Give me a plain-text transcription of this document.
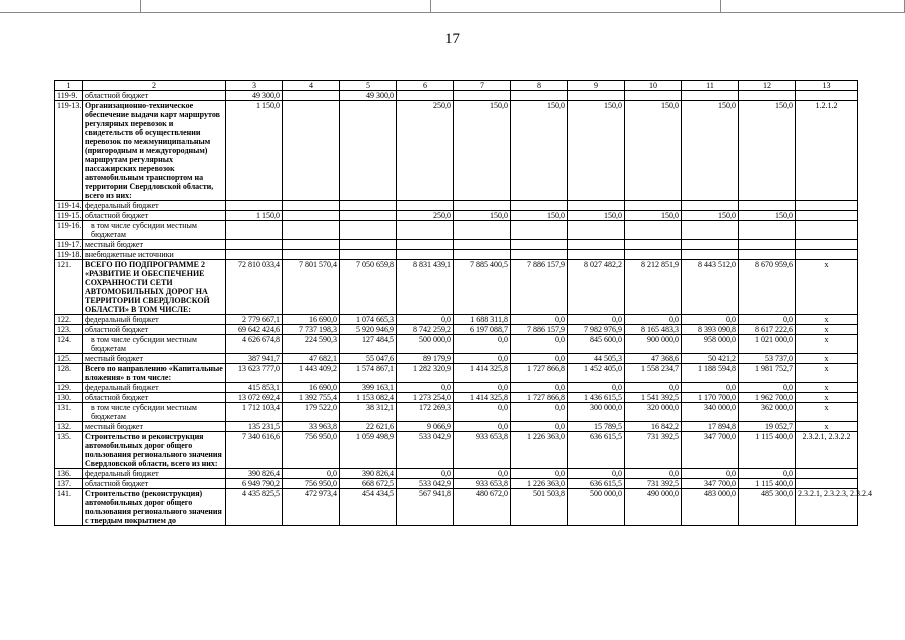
17
1	2	3	4	5	6	7	8	9	10	11	12	13
119-9.	областной бюджет	49 300,0		49 300,0								
119-13.	Организационно-техническое обеспечение выдачи карт маршрутов регулярных перевозок и свидетельств об осуществлении перевозок по межмуниципальным (пригородным и междугородным) маршрутам регулярных пассажирских перевозок автомобильным транспортом на территории Свердловской области, всего из них:	1 150,0			250,0	150,0	150,0	150,0	150,0	150,0	150,0	1.2.1.2
119-14.	федеральный бюджет											
119-15.	областной бюджет	1 150,0			250,0	150,0	150,0	150,0	150,0	150,0	150,0	
119-16.	в том числе субсидии местным бюджетам											
119-17.	местный бюджет											
119-18.	внебюджетные источники											
121.	ВСЕГО ПО ПОДПРОГРАММЕ 2 «РАЗВИТИЕ И ОБЕСПЕЧЕНИЕ СОХРАННОСТИ СЕТИ АВТОМОБИЛЬНЫХ ДОРОГ НА ТЕРРИТОРИИ СВЕРДЛОВСКОЙ ОБЛАСТИ» В ТОМ ЧИСЛЕ:	72 810 033,4	7 801 570,4	7 050 659,8	8 831 439,1	7 885 400,5	7 886 157,9	8 027 482,2	8 212 851,9	8 443 512,0	8 670 959,6	x
122.	федеральный бюджет	2 779 667,1	16 690,0	1 074 665,3	0,0	1 688 311,8	0,0	0,0	0,0	0,0	0,0	x
123.	областной бюджет	69 642 424,6	7 737 198,3	5 920 946,9	8 742 259,2	6 197 088,7	7 886 157,9	7 982 976,9	8 165 483,3	8 393 090,8	8 617 222,6	x
124.	в том числе субсидии местным бюджетам	4 626 674,8	224 590,3	127 484,5	500 000,0	0,0	0,0	845 600,0	900 000,0	958 000,0	1 021 000,0	x
125.	местный бюджет	387 941,7	47 682,1	55 047,6	89 179,9	0,0	0,0	44 505,3	47 368,6	50 421,2	53 737,0	x
128.	Всего по направлению «Капитальные вложения» в том числе:	13 623 777,0	1 443 409,2	1 574 867,1	1 282 320,9	1 414 325,8	1 727 866,8	1 452 405,0	1 558 234,7	1 188 594,8	1 981 752,7	x
129.	федеральный бюджет	415 853,1	16 690,0	399 163,1	0,0	0,0	0,0	0,0	0,0	0,0	0,0	x
130.	областной бюджет	13 072 692,4	1 392 755,4	1 153 082,4	1 273 254,0	1 414 325,8	1 727 866,8	1 436 615,5	1 541 392,5	1 170 700,0	1 962 700,0	x
131.	в том числе субсидии местным бюджетам	1 712 103,4	179 522,0	38 312,1	172 269,3	0,0	0,0	300 000,0	320 000,0	340 000,0	362 000,0	x
132.	местный бюджет	135 231,5	33 963,8	22 621,6	9 066,9	0,0	0,0	15 789,5	16 842,2	17 894,8	19 052,7	x
135.	Строительство и реконструкция автомобильных дорог общего пользования регионального значения Свердловской области, всего из них:	7 340 616,6	756 950,0	1 059 498,9	533 042,9	933 653,8	1 226 363,0	636 615,5	731 392,5	347 700,0	1 115 400,0	2.3.2.1, 2.3.2.2
136.	федеральный бюджет	390 826,4	0,0	390 826,4	0,0	0,0	0,0	0,0	0,0	0,0	0,0	
137.	областной бюджет	6 949 790,2	756 950,0	668 672,5	533 042,9	933 653,8	1 226 363,0	636 615,5	731 392,5	347 700,0	1 115 400,0	
141.	Строительство (реконструкция) автомобильных дорог общего пользования регионального значения с твердым покрытием до	4 435 825,5	472 973,4	454 434,5	567 941,8	480 672,0	501 503,8	500 000,0	490 000,0	483 000,0	485 300,0	2.3.2.1, 2.3.2.3, 2.3.2.4
